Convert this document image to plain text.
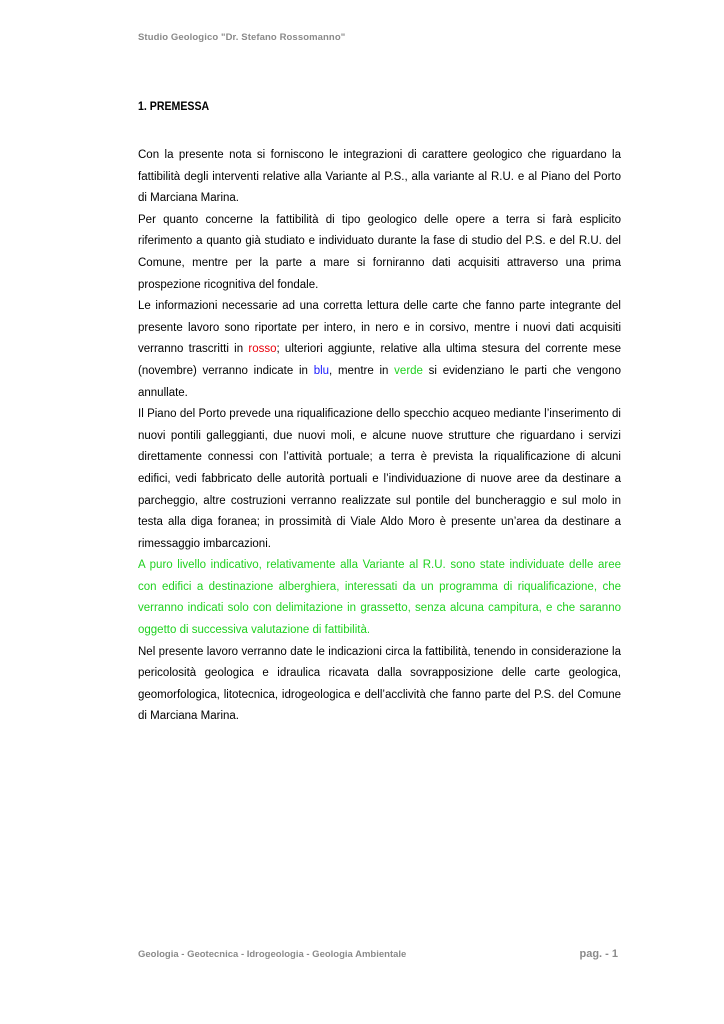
Studio Geologico "Dr. Stefano Rossomanno"
1. PREMESSA

Con la presente nota si forniscono le integrazioni di carattere geologico che riguardano la fattibilità degli interventi relative alla Variante al P.S., alla variante al R.U. e al Piano del Porto di Marciana Marina.

Per quanto concerne la fattibilità di tipo geologico delle opere a terra si farà esplicito riferimento a quanto già studiato e individuato durante la fase di studio del P.S. e del R.U. del Comune, mentre per la parte a mare si forniranno dati acquisiti attraverso una prima prospezione ricognitiva del fondale.

Le informazioni necessarie ad una corretta lettura delle carte che fanno parte integrante del presente lavoro sono riportate per intero, in nero e in corsivo, mentre i nuovi dati acquisiti verranno trascritti in rosso; ulteriori aggiunte, relative alla ultima stesura del corrente mese (novembre) verranno indicate in blu, mentre in verde si evidenziano le parti che vengono annullate.

Il Piano del Porto prevede una riqualificazione dello specchio acqueo mediante l’inserimento di nuovi pontili galleggianti, due nuovi moli, e alcune nuove strutture che riguardano i servizi direttamente connessi con l’attività portuale; a terra è prevista la riqualificazione di alcuni edifici, vedi fabbricato delle autorità portuali e l’individuazione di nuove aree da destinare a parcheggio, altre costruzioni verranno realizzate sul pontile del buncheraggio e sul molo in testa alla diga foranea; in prossimità di Viale Aldo Moro è presente un’area da destinare a rimessaggio imbarcazioni.

A puro livello indicativo, relativamente alla Variante al R.U. sono state individuate delle aree con edifici a destinazione alberghiera, interessati da un programma di riqualificazione, che verranno indicati solo con delimitazione in grassetto, senza alcuna campitura, e che saranno oggetto di successiva valutazione di fattibilità.

Nel presente lavoro verranno date le indicazioni circa la fattibilità, tenendo in considerazione la pericolosità geologica e idraulica ricavata dalla sovrapposizione delle carte geologica, geomorfologica, litotecnica, idrogeologica e dell’acclività che fanno parte del P.S. del Comune di Marciana Marina.

Geologia - Geotecnica - Idrogeologia - Geologia Ambientale	pag. - 1
